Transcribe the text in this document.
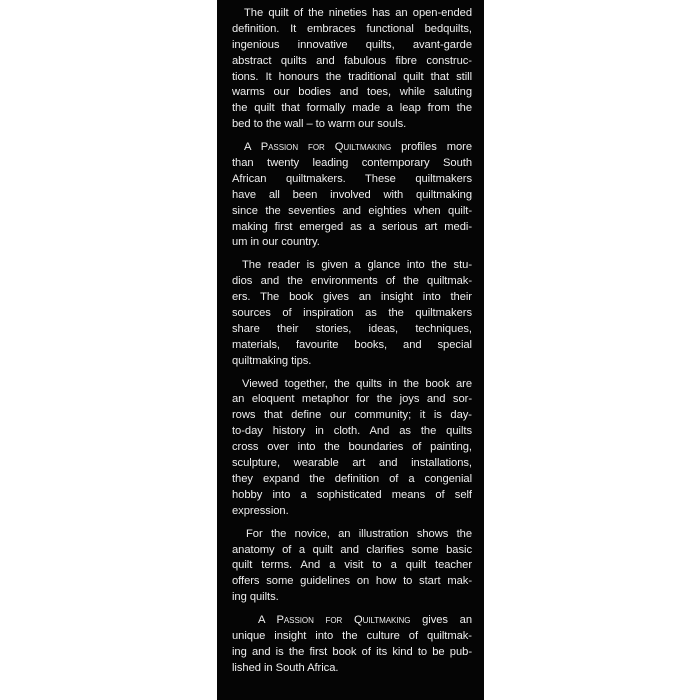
The quilt of the nineties has an open-ended
definition. It embraces functional bedquilts,
ingenious innovative quilts, avant-garde
abstract quilts and fabulous fibre construc-
tions. It honours the traditional quilt that still
warms our bodies and toes, while saluting
the quilt that formally made a leap from the
bed to the wall – to warm our souls.
A Passion for Quiltmaking profiles more
than twenty leading contemporary South
African quiltmakers. These quiltmakers
have all been involved with quiltmaking
since the seventies and eighties when quilt-
making first emerged as a serious art medi-
um in our country.
The reader is given a glance into the stu-
dios and the environments of the quiltmak-
ers. The book gives an insight into their
sources of inspiration as the quiltmakers
share their stories, ideas, techniques,
materials, favourite books, and special
quiltmaking tips.
Viewed together, the quilts in the book are
an eloquent metaphor for the joys and sor-
rows that define our community; it is day-
to-day history in cloth. And as the quilts
cross over into the boundaries of painting,
sculpture, wearable art and installations,
they expand the definition of a congenial
hobby into a sophisticated means of self
expression.
For the novice, an illustration shows the
anatomy of a quilt and clarifies some basic
quilt terms. And a visit to a quilt teacher
offers some guidelines on how to start mak-
ing quilts.
A Passion for Quiltmaking gives an
unique insight into the culture of quiltmak-
ing and is the first book of its kind to be pub-
lished in South Africa.
